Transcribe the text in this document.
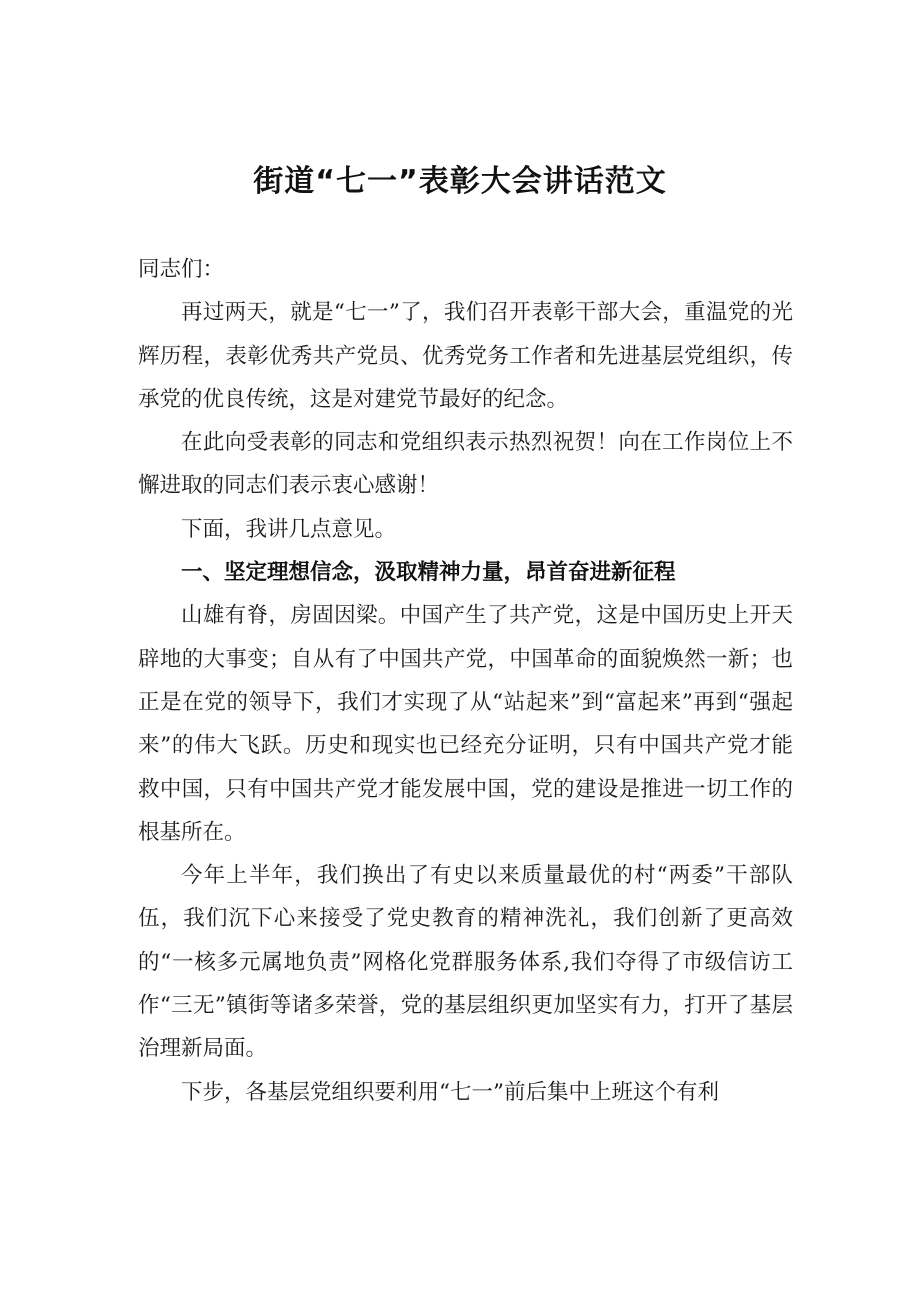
街道“七一”表彰大会讲话范文

同志们：

再过两天，就是“七一”了，我们召开表彰干部大会，重温党的光辉历程，表彰优秀共产党员、优秀党务工作者和先进基层党组织，传承党的优良传统，这是对建党节最好的纪念。

在此向受表彰的同志和党组织表示热烈祝贺！向在工作岗位上不懈进取的同志们表示衷心感谢！

下面，我讲几点意见。

一、坚定理想信念，汲取精神力量，昂首奋进新征程

山雄有脊，房固因梁。中国产生了共产党，这是中国历史上开天辟地的大事变；自从有了中国共产党，中国革命的面貌焕然一新；也正是在党的领导下，我们才实现了从“站起来”到“富起来”再到“强起来”的伟大飞跃。历史和现实也已经充分证明，只有中国共产党才能救中国，只有中国共产党才能发展中国，党的建设是推进一切工作的根基所在。

今年上半年，我们换出了有史以来质量最优的村“两委”干部队伍，我们沉下心来接受了党史教育的精神洗礼，我们创新了更高效的“一核多元属地负责”网格化党群服务体系,我们夺得了市级信访工作“三无”镇街等诸多荣誉，党的基层组织更加坚实有力，打开了基层治理新局面。

下步，各基层党组织要利用“七一”前后集中上班这个有利
